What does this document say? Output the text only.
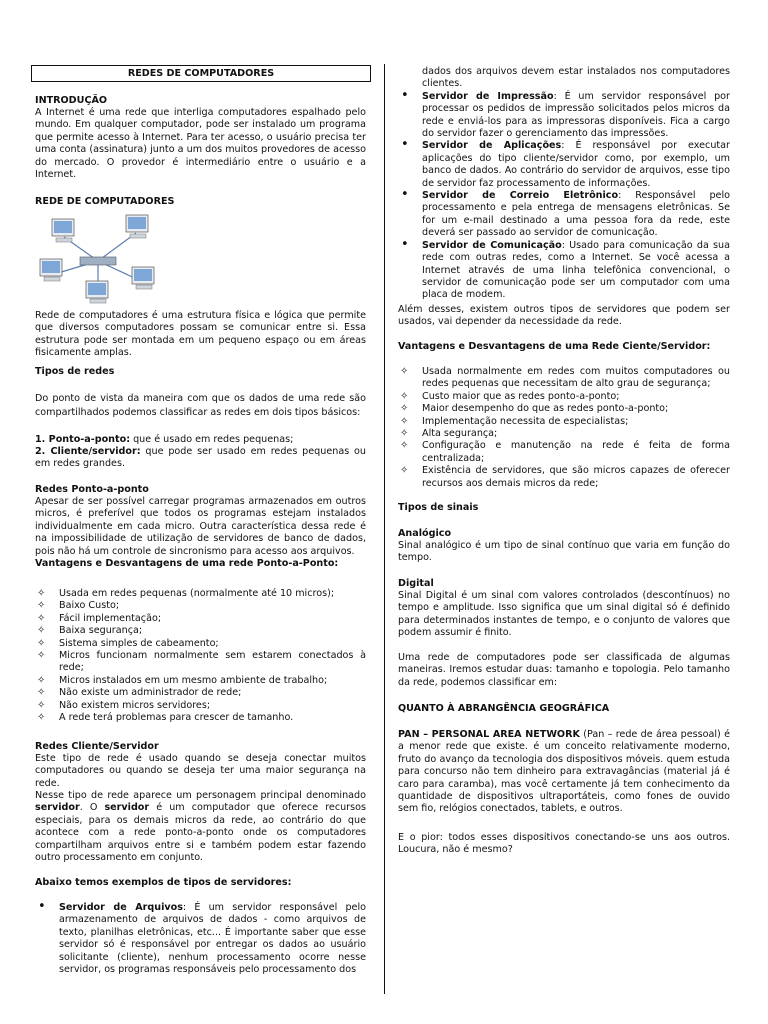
REDES DE COMPUTADORES

INTRODUÇÃO

A Internet é uma rede que interliga computadores espalhado pelo mundo. Em qualquer computador, pode ser instalado um programa que permite acesso à Internet. Para ter acesso, o usuário precisa ter uma conta (assinatura) junto a um dos muitos provedores de acesso do mercado. O provedor é intermediário entre o usuário e a Internet.

REDE DE COMPUTADORES

Rede de computadores é uma estrutura física e lógica que permite que diversos computadores possam se comunicar entre si. Essa estrutura pode ser montada em um pequeno espaço ou em áreas fisicamente amplas.

Tipos de redes

Do ponto de vista da maneira com que os dados de uma rede são compartilhados podemos classificar as redes em dois tipos básicos:

1. Ponto-a-ponto: que é usado em redes pequenas;

2. Cliente/servidor: que pode ser usado em redes pequenas ou em redes grandes.

Redes Ponto-a-ponto

Apesar de ser possível carregar programas armazenados em outros micros, é preferível que todos os programas estejam instalados individualmente em cada micro. Outra característica dessa rede é na impossibilidade de utilização de servidores de banco de dados, pois não há um controle de sincronismo para acesso aos arquivos.

Vantagens e Desvantagens de uma rede Ponto-a-Ponto:

✧ Usada em redes pequenas (normalmente até 10 micros);
✧ Baixo Custo;
✧ Fácil implementação;
✧ Baixa segurança;
✧ Sistema simples de cabeamento;
✧ Micros funcionam normalmente sem estarem conectados à rede;
✧ Micros instalados em um mesmo ambiente de trabalho;
✧ Não existe um administrador de rede;
✧ Não existem micros servidores;
✧ A rede terá problemas para crescer de tamanho.

Redes Cliente/Servidor

Este tipo de rede é usado quando se deseja conectar muitos computadores ou quando se deseja ter uma maior segurança na rede.

Nesse tipo de rede aparece um personagem principal denominado servidor. O servidor é um computador que oferece recursos especiais, para os demais micros da rede, ao contrário do que acontece com a rede ponto-a-ponto onde os computadores compartilham arquivos entre si e também podem estar fazendo outro processamento em conjunto.

Abaixo temos exemplos de tipos de servidores:

• Servidor de Arquivos: É um servidor responsável pelo armazenamento de arquivos de dados - como arquivos de texto, planilhas eletrônicas, etc... É importante saber que esse servidor só é responsável por entregar os dados ao usuário solicitante (cliente), nenhum processamento ocorre nesse servidor, os programas responsáveis pelo processamento dos
dados dos arquivos devem estar instalados nos computadores clientes.
• Servidor de Impressão: É um servidor responsável por processar os pedidos de impressão solicitados pelos micros da rede e enviá-los para as impressoras disponíveis. Fica a cargo do servidor fazer o gerenciamento das impressões.
• Servidor de Aplicações: É responsável por executar aplicações do tipo cliente/servidor como, por exemplo, um banco de dados. Ao contrário do servidor de arquivos, esse tipo de servidor faz processamento de informações.
• Servidor de Correio Eletrônico: Responsável pelo processamento e pela entrega de mensagens eletrônicas. Se for um e-mail destinado a uma pessoa fora da rede, este deverá ser passado ao servidor de comunicação.
• Servidor de Comunicação: Usado para comunicação da sua rede com outras redes, como a Internet. Se você acessa a Internet através de uma linha telefônica convencional, o servidor de comunicação pode ser um computador com uma placa de modem.

Além desses, existem outros tipos de servidores que podem ser usados, vai depender da necessidade da rede.

Vantagens e Desvantagens de uma Rede Ciente/Servidor:

✧ Usada normalmente em redes com muitos computadores ou redes pequenas que necessitam de alto grau de segurança;
✧ Custo maior que as redes ponto-a-ponto;
✧ Maior desempenho do que as redes ponto-a-ponto;
✧ Implementação necessita de especialistas;
✧ Alta segurança;
✧ Configuração e manutenção na rede é feita de forma centralizada;
✧ Existência de servidores, que são micros capazes de oferecer recursos aos demais micros da rede;

Tipos de sinais

Analógico

Sinal analógico é um tipo de sinal contínuo que varia em função do tempo.

Digital

Sinal Digital é um sinal com valores controlados (descontínuos) no tempo e amplitude. Isso significa que um sinal digital só é definido para determinados instantes de tempo, e o conjunto de valores que podem assumir é finito.

Uma rede de computadores pode ser classificada de algumas maneiras. Iremos estudar duas: tamanho e topologia. Pelo tamanho da rede, podemos classificar em:

QUANTO À ABRANGÊNCIA GEOGRÁFICA

PAN – PERSONAL AREA NETWORK (Pan – rede de área pessoal) é a menor rede que existe. é um conceito relativamente moderno, fruto do avanço da tecnologia dos dispositivos móveis. quem estuda para concurso não tem dinheiro para extravagâncias (material já é caro para caramba), mas você certamente já tem conhecimento da quantidade de dispositivos ultraportáteis, como fones de ouvido sem fio, relógios conectados, tablets, e outros.

E o pior: todos esses dispositivos conectando-se uns aos outros. Loucura, não é mesmo?
